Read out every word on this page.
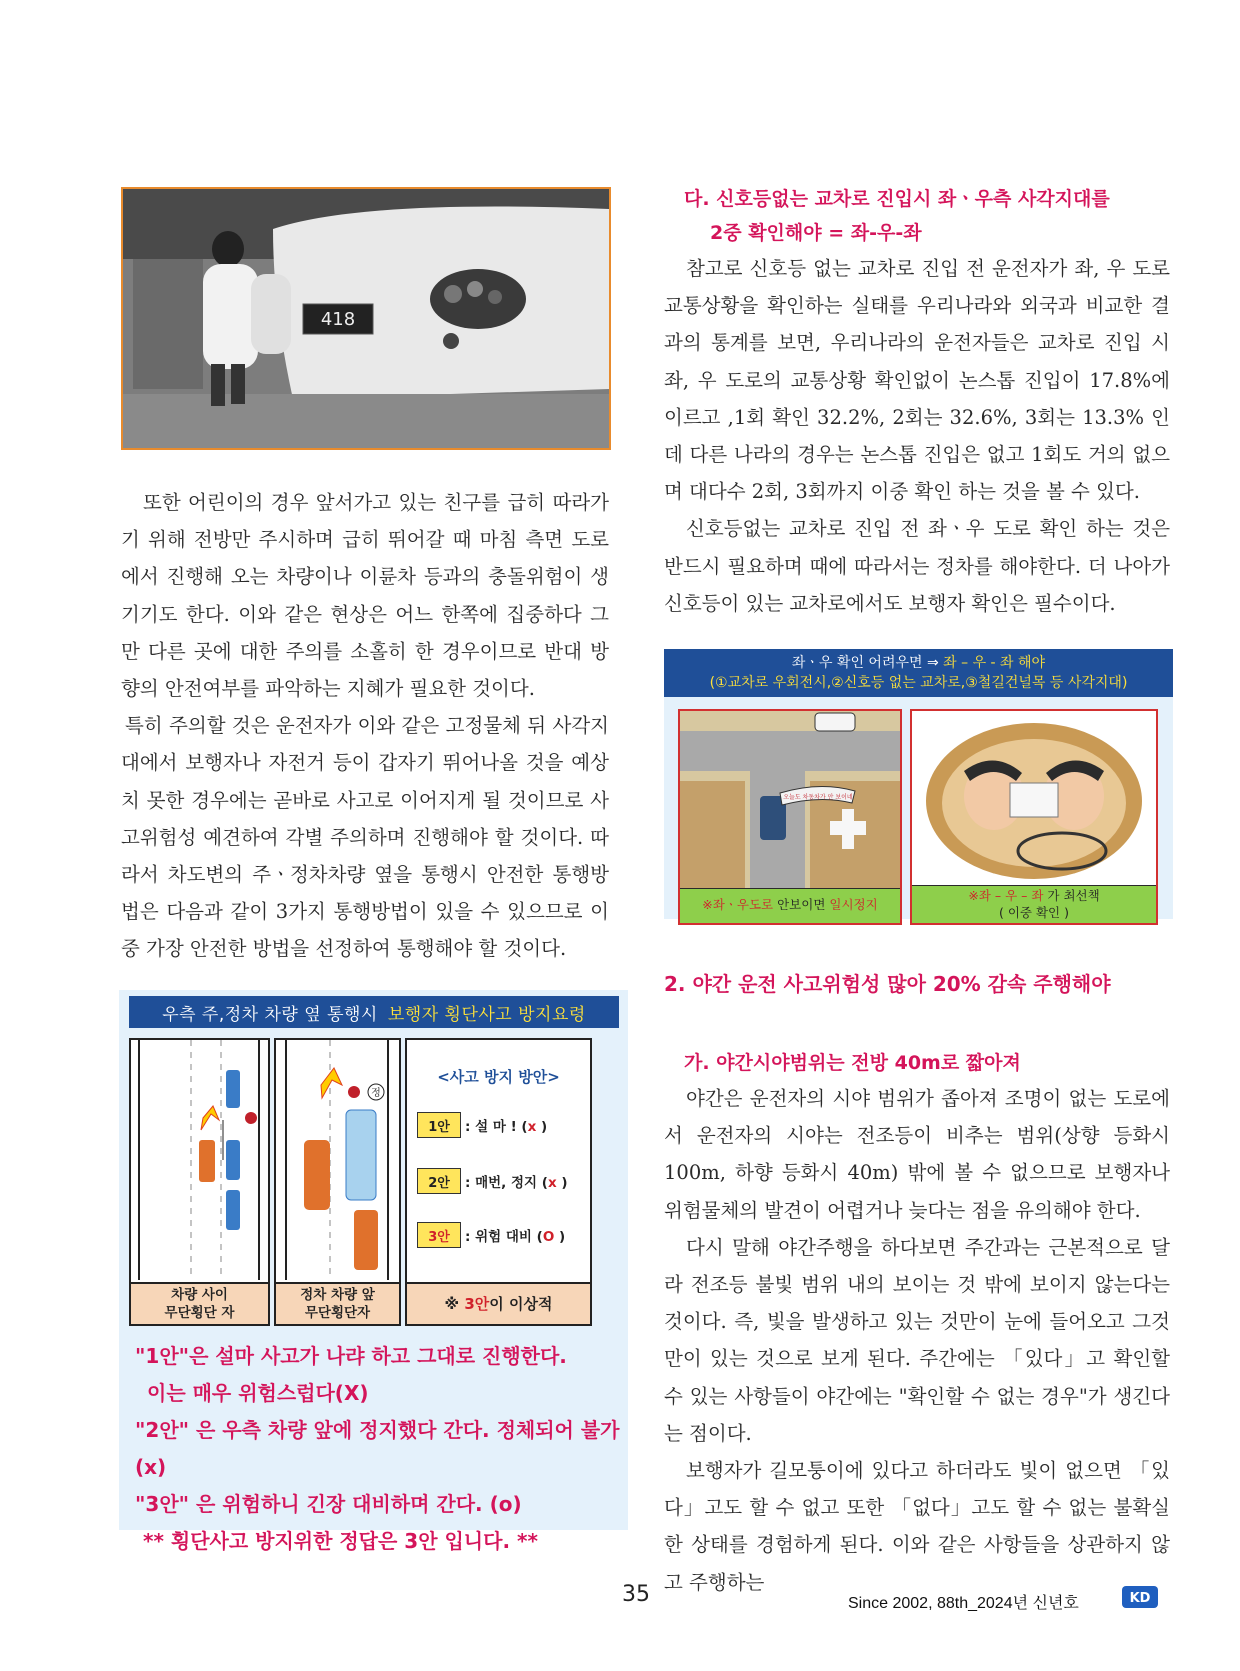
418

또한 어린이의 경우 앞서가고 있는 친구를 급히 따라가기 위해 전방만 주시하며 급히 뛰어갈 때 마침 측면 도로에서 진행해 오는 차량이나 이륜차 등과의 충돌위험이 생기기도 한다. 이와 같은 현상은 어느 한쪽에 집중하다 그만 다른 곳에 대한 주의를 소홀히 한 경우이므로 반대 방향의 안전여부를 파악하는 지혜가 필요한 것이다.

특히 주의할 것은 운전자가 이와 같은 고정물체 뒤 사각지대에서 보행자나 자전거 등이 갑자기 뛰어나올 것을 예상치 못한 경우에는 곧바로 사고로 이어지게 될 것이므로 사고위험성 예견하여 각별 주의하며 진행해야 할 것이다. 따라서 차도변의 주ㆍ정차차량 옆을 통행시 안전한 통행방법은 다음과 같이 3가지 통행방법이 있을 수 있으므로 이중 가장 안전한 방법을 선정하여 통행해야 할 것이다.

우측 주,정차 차량 옆 통행시 보행자 횡단사고 방지요령
차량 사이
무단횡단 자
정
정차 차량 앞
무단횡단자
<사고 방지 방안>
1안	: 설 마 ! (x )
2안	: 매번, 정지 (x )
3안	: 위험 대비 (O )
※ 3안이 이상적
"1안"은 설마 사고가 나랴 하고 그대로 진행한다.
이는 매우 위험스럽다(X)
"2안" 은 우측 차량 앞에 정지했다 간다. 정체되어 불가(x)
"3안" 은 위험하니 긴장 대비하며 간다. (o)
** 횡단사고 방지위한 정답은 3안 입니다. **
다. 신호등없는 교차로 진입시 좌ㆍ우측 사각지대를
2중 확인해야 = 좌-우-좌

참고로 신호등 없는 교차로 진입 전 운전자가 좌, 우 도로 교통상황을 확인하는 실태를 우리나라와 외국과 비교한 결과의 통계를 보면, 우리나라의 운전자들은 교차로 진입 시 좌, 우 도로의 교통상황 확인없이 논스톱 진입이 17.8%에 이르고 ,1회 확인 32.2%, 2회는 32.6%, 3회는 13.3% 인데 다른 나라의 경우는 논스톱 진입은 없고 1회도 거의 없으며 대다수 2회, 3회까지 이중 확인 하는 것을 볼 수 있다.

신호등없는 교차로 진입 전 좌ㆍ우 도로 확인 하는 것은 반드시 필요하며 때에 따라서는 정차를 해야한다. 더 나아가 신호등이 있는 교차로에서도 보행자 확인은 필수이다.

좌ㆍ우 확인 어려우면 ⇒ 좌 – 우 - 좌 해야
(①교차로 우회전시,②신호등 없는 교차로,③철길건널목 등 사각지대)
오늘도 차동차가 안 보이네
※좌ㆍ우도로 안보이면 일시정지
※좌 – 우 – 좌 가 최선책
( 이중 확인 )
2. 야간 운전 사고위험성 많아 20% 감속 주행해야
가. 야간시야범위는 전방 40m로 짧아져

야간은 운전자의 시야 범위가 좁아져 조명이 없는 도로에서 운전자의 시야는 전조등이 비추는 범위(상향 등화시 100m, 하향 등화시 40m) 밖에 볼 수 없으므로 보행자나 위험물체의 발견이 어렵거나 늦다는 점을 유의해야 한다.

다시 말해 야간주행을 하다보면 주간과는 근본적으로 달라 전조등 불빛 범위 내의 보이는 것 밖에 보이지 않는다는 것이다. 즉, 빛을 발생하고 있는 것만이 눈에 들어오고 그것만이 있는 것으로 보게 된다. 주간에는 「있다」고 확인할 수 있는 사항들이 야간에는 "확인할 수 없는 경우"가 생긴다는 점이다.

보행자가 길모퉁이에 있다고 하더라도 빛이 없으면 「있다」고도 할 수 없고 또한 「없다」고도 할 수 없는 불확실한 상태를 경험하게 된다. 이와 같은 사항들을 상관하지 않고 주행하는

35	Since 2002, 88th_2024년 신년호	KD
